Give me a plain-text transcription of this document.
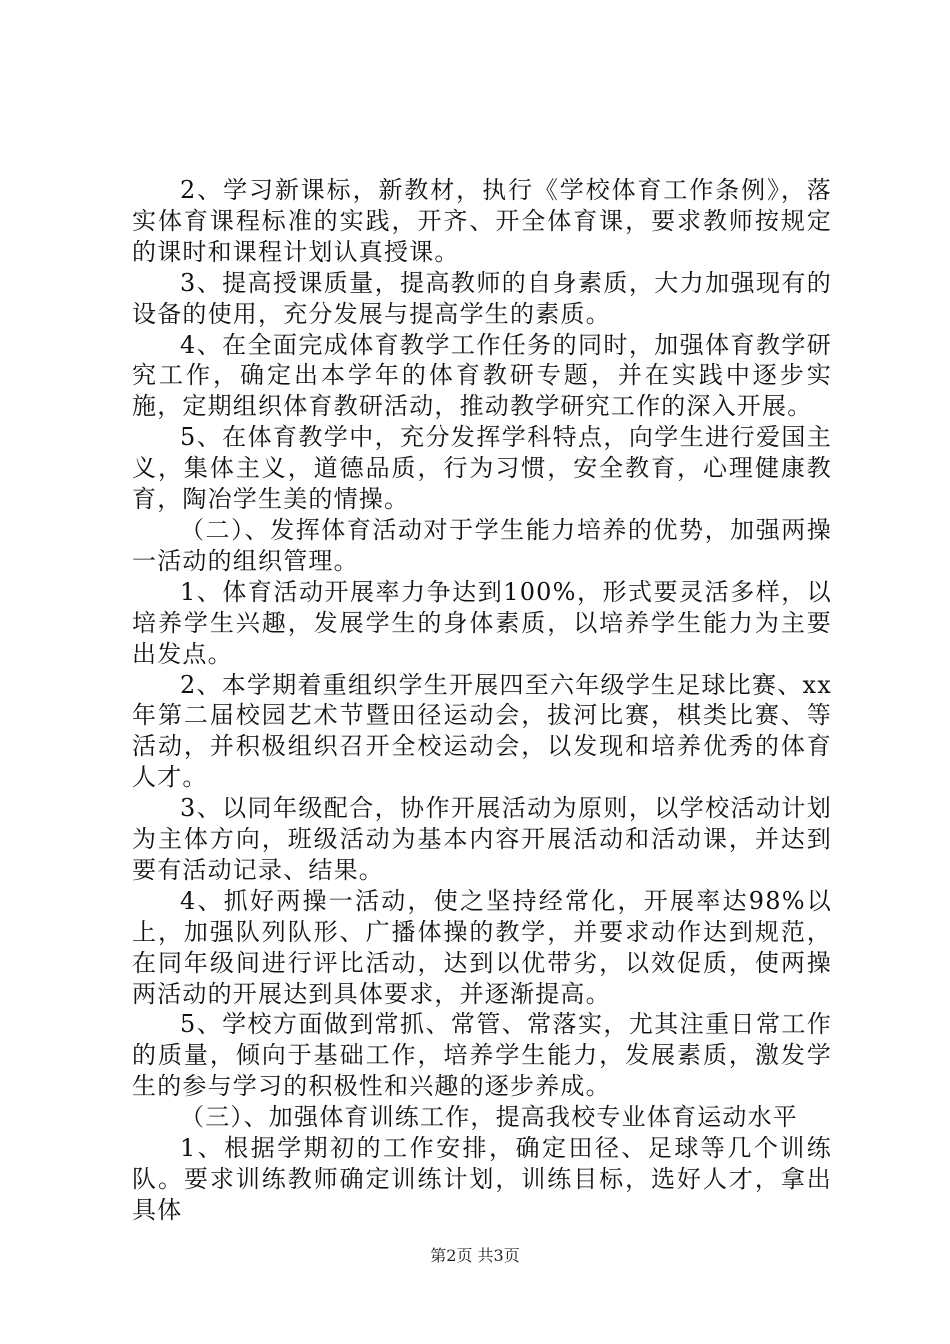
2、学习新课标，新教材，执行《学校体育工作条例》，落实体育课程标准的实践，开齐、开全体育课，要求教师按规定的课时和课程计划认真授课。

3、提高授课质量，提高教师的自身素质，大力加强现有的设备的使用，充分发展与提高学生的素质。

4、在全面完成体育教学工作任务的同时，加强体育教学研究工作，确定出本学年的体育教研专题，并在实践中逐步实施，定期组织体育教研活动，推动教学研究工作的深入开展。

5、在体育教学中，充分发挥学科特点，向学生进行爱国主义，集体主义，道德品质，行为习惯，安全教育，心理健康教育，陶冶学生美的情操。

（二）、发挥体育活动对于学生能力培养的优势，加强两操一活动的组织管理。

1、体育活动开展率力争达到100%，形式要灵活多样，以培养学生兴趣，发展学生的身体素质，以培养学生能力为主要出发点。

2、本学期着重组织学生开展四至六年级学生足球比赛、xx年第二届校园艺术节暨田径运动会，拔河比赛，棋类比赛、等活动，并积极组织召开全校运动会，以发现和培养优秀的体育人才。

3、以同年级配合，协作开展活动为原则，以学校活动计划为主体方向，班级活动为基本内容开展活动和活动课，并达到要有活动记录、结果。

4、抓好两操一活动，使之坚持经常化，开展率达98%以上，加强队列队形、广播体操的教学，并要求动作达到规范，在同年级间进行评比活动，达到以优带劣，以效促质，使两操两活动的开展达到具体要求，并逐渐提高。

5、学校方面做到常抓、常管、常落实，尤其注重日常工作的质量，倾向于基础工作，培养学生能力，发展素质，激发学生的参与学习的积极性和兴趣的逐步养成。

（三）、加强体育训练工作，提高我校专业体育运动水平

1、根据学期初的工作安排，确定田径、足球等几个训练队。要求训练教师确定训练计划，训练目标，选好人才，拿出具体

第2页 共3页
